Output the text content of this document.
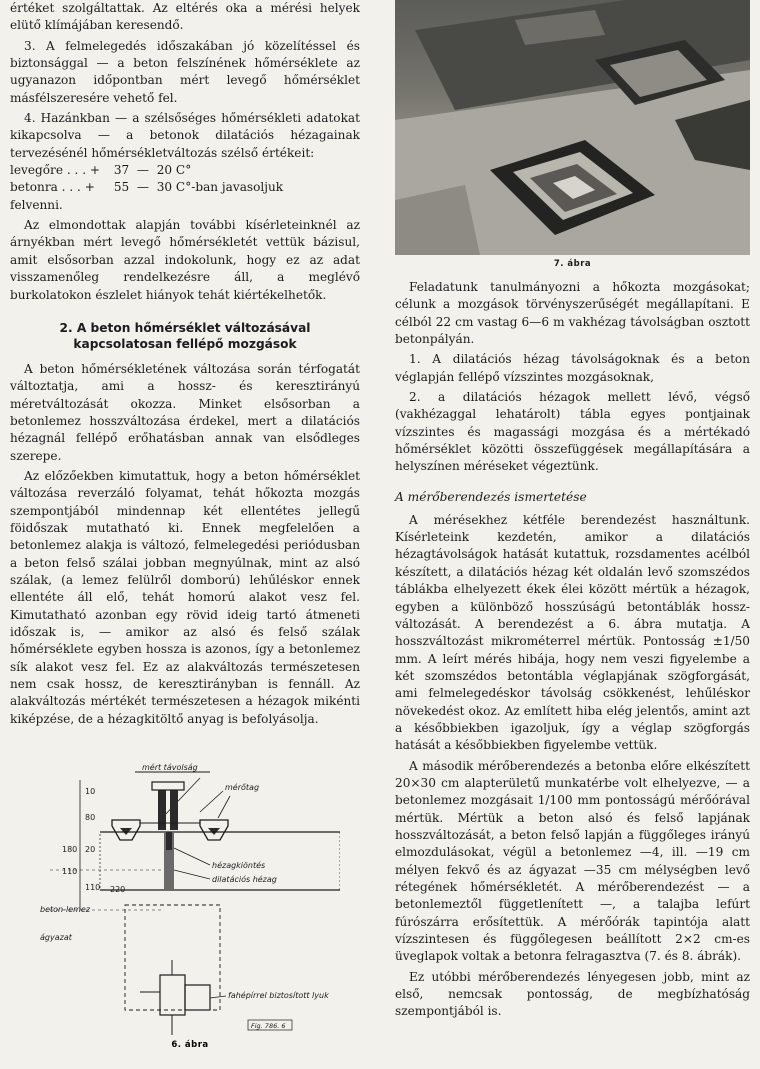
értéket szolgáltattak. Az eltérés oka a mérési helyek elütő klímájában keresendő.

3. A felmelegedés időszakában jó közelítéssel és biztonsággal — a beton felszínének hőmérséklete az ugyanazon időpontban mért levegő hőmérséklet másfélszeresére vehető fel.

4. Hazánkban — a szélsőséges hőmérsékleti adatokat kikapcsolva — a betonok dilatációs hézagainak tervezésénél hőmérsékletváltozás szélső értékeit:

levegőre . . . + 37  —  20 C°
betonra . . . +	55  —  30 C°-ban javasoljuk

felvenni.

Az elmondottak alapján további kísérleteinknél az árnyékban mért levegő hőmérsékletét vettük bázisul, amit elsősorban azzal indokolunk, hogy ez az adat visszamenőleg rendelkezésre áll, a meglévő burkolatokon észlelet hiányok tehát kiértékelhetők.

2. A beton hőmérséklet változásával kapcsolatosan fellépő mozgások

A beton hőmérsékletének változása során térfogatát változtatja, ami a hossz- és keresztirányú méretváltozását okozza. Minket elsősorban a betonlemez hosszváltozása érdekel, mert a dilatációs hézagnál fellépő erőhatásban annak van elsődleges szerepe.

Az előzőekben kimutattuk, hogy a beton hőmérséklet változása reverzáló folyamat, tehát hőkozta mozgás szempontjából mindennap két ellentétes jellegű föidőszak mutatható ki. Ennek megfelelően a betonlemez alakja is változó, felmelegedési periódusban a beton felső szálai jobban megnyúlnak, mint az alsó szálak, (a lemez felülről domború) lehűléskor ennek ellentéte áll elő, tehát homorú alakot vesz fel. Kimutatható azonban egy rövid ideig tartó átmeneti időszak is, — amikor az alsó és felső szálak hőmérséklete egyben hossza is azonos, így a betonlemez sík alakot vesz fel. Ez az alakváltozás természetesen nem csak hossz, de keresztirányban is fennáll. Az alakváltozás mértékét természetesen a hézagok mikénti kiképzése, de a hézagkitöltő anyag is befolyásolja.

mért távolság
mérőtag
10
80
180 20
110 220
110
hézagkiöntés
dilatációs hézag
beton-lemez
ágyazat
fahépírrel biztosított lyuk
Fig. 786. 6
6. ábra
7. ábra

Feladatunk tanulmányozni a hőkozta mozgásokat; célunk a mozgások törvényszerűségét megállapítani. E célból 22 cm vastag 6—6 m vakhézag távolságban osztott betonpályán.

1. A dilatációs hézag távolságoknak és a beton véglapján fellépő vízszintes mozgásoknak,

2. a dilatációs hézagok mellett lévő, végső (vakhézaggal lehatárolt) tábla egyes pontjainak vízszintes és magassági mozgása és a mértékadó hőmérséklet közötti összefüggések megállapítására a helyszínen méréseket végeztünk.

A mérőberendezés ismertetése

A mérésekhez kétféle berendezést használtunk. Kísérleteink kezdetén, amikor a dilatációs hézagtávolságok hatását kutattuk, rozsdamentes acélból készített, a dilatációs hézag két oldalán levő szomszédos táblákba elhelyezett ékek élei között mértük a hézagok, egyben a különböző hosszúságú betontáblák hossz-változását. A berendezést a 6. ábra mutatja. A hosszváltozást mikrométerrel mértük. Pontosság ±1/50 mm. A leírt mérés hibája, hogy nem veszi figyelembe a két szomszédos betontábla véglapjának szögforgását, ami felmelegedéskor távolság csökkenést, lehűléskor növekedést okoz. Az említett hiba elég jelentős, amint azt a későbbiekben igazoljuk, így a véglap szögforgás hatását a későbbiekben figyelembe vettük.

A második mérőberendezés a betonba előre elkészített 20×30 cm alapterületű munkatérbe volt elhelyezve, — a betonlemez mozgásait 1/100 mm pontosságú mérőórával mértük. Mértük a beton alsó és felső lapjának hosszváltozását, a beton felső lapján a függőleges irányú elmozdulásokat, végül a betonlemez —4, ill. —19 cm mélyen fekvő és az ágyazat —35 cm mélységben levő rétegének hőmérsékletét. A mérőberendezést — a betonlemeztől függetlenített —, a talajba lefúrt fúrószárra erősítettük. A mérőórák tapintója alatt vízszintesen és függőlegesen beállított 2×2 cm-es üveglapok voltak a betonra felragasztva (7. és 8. ábrák).

Ez utóbbi mérőberendezés lényegesen jobb, mint az első, nemcsak pontosság, de megbízhatóság szempontjából is.
